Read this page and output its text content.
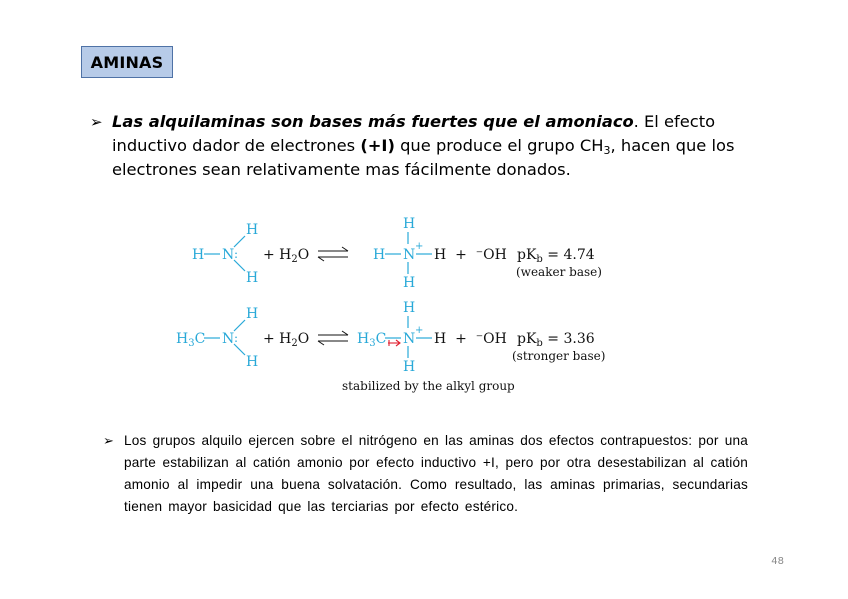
AMINAS
➢ Las alquilaminas son bases más fuertes que el amoniaco. El efecto inductivo dador de electrones (+I) que produce el grupo $CH_3$, hacen que los electrones sean relativamente mas fácilmente donados.
H N :
H
H
+ $H_2O$
H
H N
+
H
H  +  ⁻OH $pK_b = 4.74$
(weaker base)
$H_3C$ N :
H
H
+ $H_2O$
H
$H_3C$ N
+
H
H  +  ⁻OH $pK_b = 3.36$
(stronger base)
stabilized by the alkyl group
➢ Los grupos alquilo ejercen sobre el nitrógeno en las aminas dos efectos contrapuestos: por una parte estabilizan al catión amonio por efecto inductivo +I, pero por otra desestabilizan al catión amonio al impedir una buena solvatación. Como resultado, las aminas primarias, secundarias tienen mayor basicidad que las terciarias por efecto estérico.
48
